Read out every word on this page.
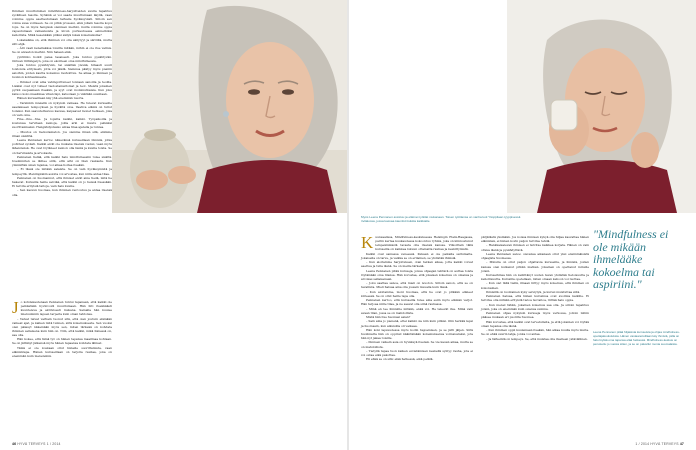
Ihminen muuttuminen mindfulness-harjoitteiden avulla tapahtuu syvällisen tasolla. Syöämä ei voi saada muuttumaan äkyllä, vaan voimme oppia asettautumaan tarkaile hyväksyvästi. Silloin sen voima avaa voiliseen. Se on pitkä prosessi, eikä jollain tasolla kopu lopu. Se on myös hengissä olemisen merkki, mutta voimme oppia vapautumaan vaikeuksista ja kivun purkautuessa esimerkiksi kehollista. Mikä kesenkään pitäisi säilyä lukeä kokemuksina?

Lokakaikka on, että ihminen voi olla säilytyyt ja säröillä, mutta silti ehjä.

– Äiti vaali kenellakäsa toisilta mitään, mihin ei ole itse valmis. Se on aivaaton merkki. Niin halaan elää.

yyntiliiko hoikit paiaa tasaisesti. Joka tuntuu pysähtyvän. Ontuan riiltängelyn, joka on ekoilleen oma mindfulnessia.

Joka tuntuu pysähtyvän, tai sisältää ylevää, hitaasti suuri toistoista erityisesti, jotta voi jäädä. Sielunsa päätyy myös pieniin asioihin, joiden kautta kokemus rauhoittuu. Se alkaa jo ihmisen ja luonnon kohtaamisesta.

– Ihmiset ovat aina vahingoittuneet toisiaan sanoilla ja teoilla. Lisäksi ovat nyt tulleet tiedostamattomat ja teot. Meistä jokainen pyrkii suojaamaan itseään, ja syyt ovat monimutkaisia. Kun joku katsoo koko maailmaa vihan läpi, katsotaan jo väärään suuntaan.

Hänen kursseillaan käy yhä enemmän nuoria.

– Varsinkin mielellä on nykyisin vaikeaa. He tulevat kursseille saadakseen tempoyksen ja hyvältä oloa. Vaativa elämä on tullut todeksi. Kun saavutettavuus kasvaa, kaipaavat monet hetkeen, joka on vain oma.

Fine…fine…fine. Ja lopulta kaikki, kaikki. Työpaikoilla ja kouluissa tarvitaan keinoja, joilla arki ei muutu pelkäksi suorittamiseksi. Hengähdystauko antaa tilaa ajatella ja tuntea.

– Muutos on tiedostamaton. Jos olemme ilman sitä, elämme ilman sisältöä.

Leena Pennanen kertoo näkevänsä kursseillaan ihmisiä, jotka pohtivat syvästi. Kaikki eivät ole mukana itsensä vuoksi, vaan myös läheistensä. He ovat löytäneet keinon olla läsnä ja kuulla toista. Se on harvinaista ja arvokasta.

Pennanen tietää, että kaikki halu mindfulnessiin tulee sisältä. Useimmiten se lähtee siitä, että arki on liian raskasta. Kun ymmärtää oman rajansa, voi alkaa hoitaa itseään.

– Ei tässä ole mitään salaista. Se on vain hyväksymistä ja lempeyttä. Pienimpiäkin asioita voi arvostaa, kun niille antaa tilaa.

Pennanen on huomannut, että ihmiset eivät aina tiedä, mitä he hakevat. Kurssilla heille selviää, että kaikki on jo heissä itsessään. Ei tarvita erityisiä taitoja, vain halu kuulla.

– Sen kasvun huomaa, kun ihminen rentoutuu ja antaa itsensä olla.

J o kohdekautenaan Pennanen tuntui tapanaan, että kaikki ole pelkästään hyvinvoidi muuttumaan. Hän hiti itsekkäästi kuunteleva ja aktiivisesti mukana. Samalla hän kuulee mieluummin lapsen tarpeita kuin oman tahtonsa.

– Vaivat taivat varhain tuonut sitä, että olen joutuin elämään vaikeat ajat, ja kaiken mitä tunnen, siitä kokemuksesta. Sen vuoksi olen päässyt näkemään myös sen, miten tärkeää on kohdata ihminen sellaisena kuin hän on. Niin, että kaikki, mikä hänessä on, saa olla.

Hän kokee, että tämä työ on hänen tapansa maailmaa kohtaan. Se on jättänyt jälkensä myös hänen tapaansa kohdata lähiset.

Tämä ei ole koskaan ollut hänelle suorittamista, vaan elämäntapa. Hänen kursseillaan on tarjolla rauhaa, joka on enemmän kuin menetelmä.

46 HYVÄ TERVEYS 1 / 2014
Myös Leena Pennanen avioituu ja eläimet työtilat mukanaan. Toisen työtilansa on vanha koti Ylioppilaan tyyppisessä rivitalossa, jossa kasvaa kauniisti kukkia kaikkialle.
K uunsaalissa, Mindfulness-keskuksessa Helsingin Etelä-Haagassa, pariin kertaa kuukaudessa kokoontuu ryhmä, joka on kiinnostunut lempeämmästä tavasta olla itsensä kanssa. Viikoittain tällä kursseilla on kaikkea lukuun ottamatta rauhaa ja keskittymistä.

Kaikki ovat samassa veneessä. Kukaan ei ole paikalla sattumalta. Jokaisella on tarve, ja vaikka se on erilainen, se yhdistää ihmisiä.

– Kun aloitamme harjoituksen, otan hetken aikaa, jotta kaikki voivat asettua ja tulla läsnä. Se on meille tärkeää.

Leena Pennanen pitää kursseja, joissa ohjaajan tehtävä on auttaa toista löytämään oma tilansa. Hän korostaa, että jokaisen kokemus on omansa ja arvokas sellaisenaan.

– Joku saattaa sanoa, että mieli on levoton. Silloin sanon, että se on tavallista. Mieli haluaa aina olla jossain muualla kuin tässä.

– Kun aloitamme, moni huomaa, että he ovat jo pitkään eläneet kiireessä. Se on ollut heille tapa olla.

Pennanen kertoo, että kursseilla tulee aina esiin myös elämän varjot. Hän tarjoaa niille tilaa, ja ne saavat olla siinä rauhassa.

– Minä en tee ihmisille mitään, enkä voi. He tekevät itse. Minä vain avaan tilan, jossa se on mahdollista.

Mistä hän itse huomasi asian?

– Sain aina jo pienenä, ettei kaikki ole niin kuin pitäisi. Olin herkkä lapsi ja huomasin, kun aikuisilla oli vaikeaa.

Hän koki lapsuudessa myös kodin hajoamisen, ja se jätti jäljen. Siitä huolimatta hän on oppinut kääntämään kokemuksensa voimavaraksi, jota hän nyt jakaa toisille.

– Ihmisen vaikein asia on hyväksyä itsensä. Se vie kauan aikaa, mutta se on mahdollista.

– Tietyllä tapaa tuon kaiken ei-tietämisen keskellä syntyy rauha, jota ei voi ostaa eikä pakottaa.

Eli ehkä se on sitä: elää hetkessä, eikä pelätä.

pärjätästä yksinään. Jos noissa ihmisen kykyä olla hiljaa kasvattaa hänen elämänsä, ei hänen kovin paljon tarvitse tehdä.

– Hankkaisalevan ihmisen ei tarvitse kaikkea korjata. Hänen on vain oltava läsnä ja pysähdyttävä.

Leena Pennanen sanoo olevansa aikanaan ollut yksi ensimmäisistä ohjaajista Suomessa.

– Minulla on ollut paljon ohjattavia kursseilla, ja ihmisiä, joiden kanssa olen kulkenut pitkän matkan. Jokainen on opettanut minulle jotain.

Kursseihinsa hän on kehittänyt uuden tavan yhdistää tietoisuutta ja kehollisuutta. Kurssilla opetellaan, miten omaan kehoon voi luottaa.

– Kun olet tällä tiellä, ilmaan liittyy myös kokemus, että ihminen on kokonainen.

Ihmisillä on luontainen kyky selviytyä, ja kurssi muistuttaa siitä.

Pennanen haluaa, että hänen kurssinsa ovat avoimia kaikille. Ei tarvitse olla mitään erityistä tietoa tai taitoa, riittää halu oppia.

– Kun menet tähän, jokainen kokemus saa olla. Ja silloin tapahtuu jotain, joka on enemmän kuin osiensa summa.

Pennanen ohjaa nykyisin kursseja myös verkossa, jolloin niihin pääsee mukaan eri puolilta Suomea.

Hän korostaa, että kaikki ovat tervetulleita, ja että jokainen voi löytää oman tapansa olla läsnä.

– Kun ihminen oppii kuulemaan itseään, hän alkaa kuulla myös muita. Se on ehkä suurin lahja, jonka voi antaa.

– Ja tärkeintä on lempeys. Se, että muistaa olla itselleen ystävällinen.

"Mindfulness ei ole mikään ihmelääke kokoelma tai aspiriini."
Leena Pennanen pitää hiljaisista kursseista ja ohjaa mindfulness-opettajakoulutuksia. Hänen vastaanotoillaan käy ihmisiä, joilla on halu löytää oma tapansa elää hetkessä. Mindfulness-keskus on perustettu jo vuosia sitten, ja se on palvellut monia suomalaisia.
1 / 2014 HYVÄ TERVEYS 47
